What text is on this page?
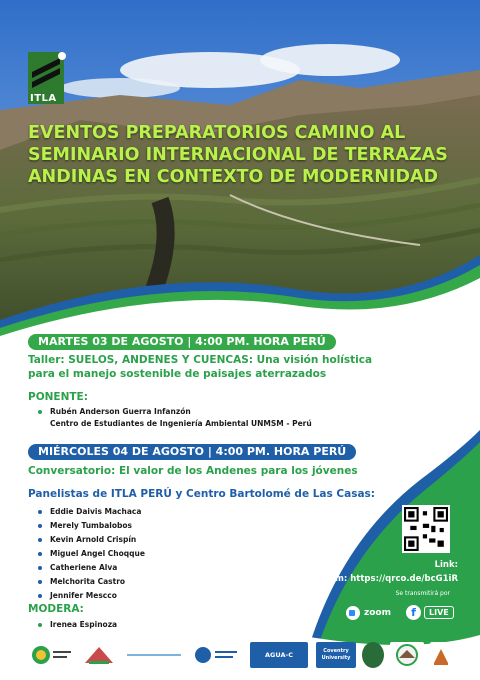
ITLA
EVENTOS PREPARATORIOS CAMINO AL SEMINARIO INTERNACIONAL DE TERRAZAS ANDINAS EN CONTEXTO DE MODERNIDAD
MARTES 03 DE AGOSTO | 4:00 PM. HORA PERÚ
Taller: SUELOS, ANDENES Y CUENCAS: Una visión holística
para el manejo sostenible de paisajes aterrazados
PONENTE:
Rubén Anderson Guerra Infanzón
Centro de Estudiantes de Ingeniería Ambiental UNMSM - Perú
MIÉRCOLES 04 DE AGOSTO | 4:00 PM. HORA PERÚ
Conversatorio: El valor de los Andenes para los jóvenes
Panelistas de ITLA PERÚ y Centro Bartolomé de Las Casas:
Eddie Daivis Machaca
Merely Tumbalobos
Kevin Arnold Crispín
Miguel Angel Choqque
Catheriene Alva
Melchorita Castro
Jennifer Mescco
MODERA:
Irenea Espinoza
Link:
Zoom: https://qrco.de/bcG1iR
Se transmitirá por
zoom	f	LIVE
AGUA-C	Coventry University
